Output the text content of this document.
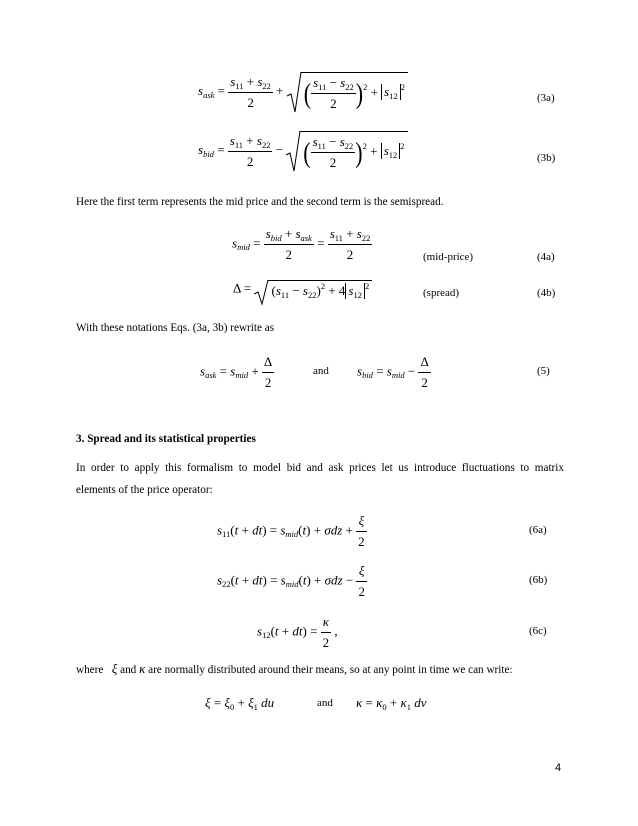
$s_{ask} = \frac{s_{11} + s_{22}}{2}$ +
( $\frac{s_{11} - s_{22}}{2} )^2 + s_{12}^2$
(3a)
$s_{bid} = \frac{s_{11} + s_{22}}{2}$ −
( $\frac{s_{11} - s_{22}}{2} )^2 + s_{12}^2$
(3b)
Here the first term represents the mid price and the second term is the semispread.
$s_{mid} = \frac{s_{bid} + s_{ask}}{2} = \frac{s_{11} + s_{22}}{2}$	(mid-price)	(4a)
Δ =
$(s_{11} - s_{22})^2 + 4$ $s_{12}^2$
(spread)	(4b)
With these notations Eqs. (3a, 3b) rewrite as
$s_{ask} = s_{mid} + \frac{\Delta}{2}$	and $s_{bid} = s_{mid} - \frac{\Delta}{2}$	(5)
3. Spread and its statistical properties
In order to apply this formalism to model bid and ask prices let us introduce fluctuations to matrix
elements of the price operator:
$s_{11}(t + dt) = s_{mid}(t) + \sigma dz + \frac{\xi}{2}$	(6a)
$s_{22}(t + dt) = s_{mid}(t) + \sigma dz - \frac{\xi}{2}$	(6b)
$s_{12}(t + dt) = \frac{\kappa}{2}$ ,	(6c)
where ξ and κ are normally distributed around their means, so at any point in time we can write:
$\xi = \xi_0 + \xi_1$ du	and $\kappa = \kappa_0 + \kappa_1$ dv
4
